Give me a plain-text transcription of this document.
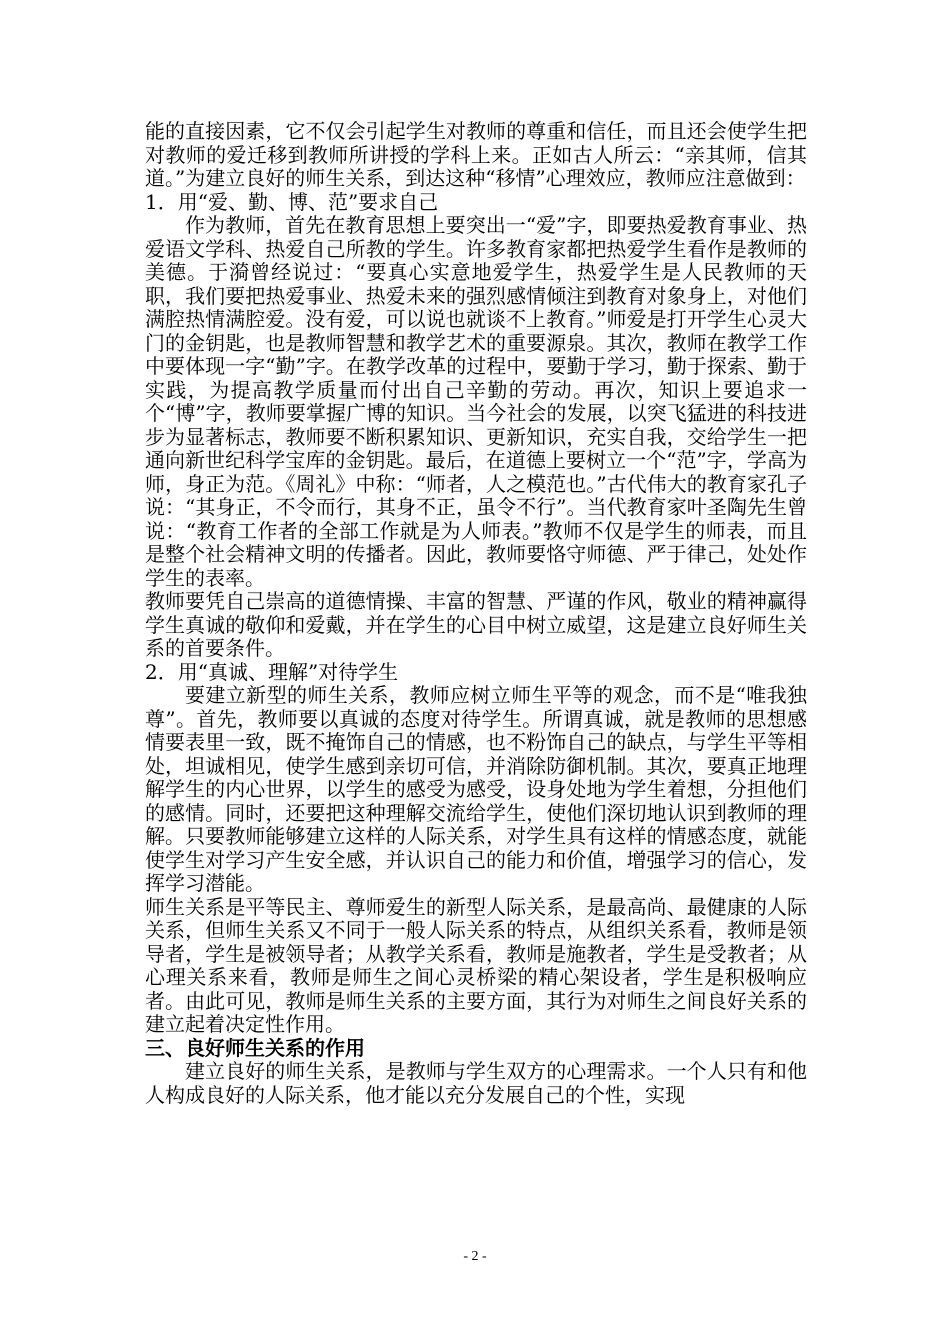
能的直接因素，它不仅会引起学生对教师的尊重和信任，而且还会使学生把对教师的爱迁移到教师所讲授的学科上来。正如古人所云：“亲其师，信其道。”为建立良好的师生关系，到达这种“移情”心理效应，教师应注意做到：

1．用“爱、勤、博、范”要求自己

作为教师，首先在教育思想上要突出一“爱”字，即要热爱教育事业、热爱语文学科、热爱自己所教的学生。许多教育家都把热爱学生看作是教师的美德。于漪曾经说过：“要真心实意地爱学生，热爱学生是人民教师的天职，我们要把热爱事业、热爱未来的强烈感情倾注到教育对象身上，对他们满腔热情满腔爱。没有爱，可以说也就谈不上教育。”师爱是打开学生心灵大门的金钥匙，也是教师智慧和教学艺术的重要源泉。其次，教师在教学工作中要体现一字“勤”字。在教学改革的过程中，要勤于学习，勤于探索、勤于实践，为提高教学质量而付出自己辛勤的劳动。再次，知识上要追求一个“博”字，教师要掌握广博的知识。当今社会的发展，以突飞猛进的科技进步为显著标志，教师要不断积累知识、更新知识，充实自我，交给学生一把通向新世纪科学宝库的金钥匙。最后，在道德上要树立一个“范”字，学高为师，身正为范。《周礼》中称：“师者，人之模范也。”古代伟大的教育家孔子说：“其身正，不令而行，其身不正，虽令不行”。当代教育家叶圣陶先生曾说：“教育工作者的全部工作就是为人师表。”教师不仅是学生的师表，而且是整个社会精神文明的传播者。因此，教师要恪守师德、严于律己，处处作学生的表率。

教师要凭自己崇高的道德情操、丰富的智慧、严谨的作风，敬业的精神赢得学生真诚的敬仰和爱戴，并在学生的心目中树立威望，这是建立良好师生关系的首要条件。

2．用“真诚、理解”对待学生

要建立新型的师生关系，教师应树立师生平等的观念，而不是“唯我独尊”。首先，教师要以真诚的态度对待学生。所谓真诚，就是教师的思想感情要表里一致，既不掩饰自己的情感，也不粉饰自己的缺点，与学生平等相处，坦诚相见，使学生感到亲切可信，并消除防御机制。其次，要真正地理解学生的内心世界，以学生的感受为感受，设身处地为学生着想，分担他们的感情。同时，还要把这种理解交流给学生，使他们深切地认识到教师的理解。只要教师能够建立这样的人际关系，对学生具有这样的情感态度，就能使学生对学习产生安全感，并认识自己的能力和价值，增强学习的信心，发挥学习潜能。

师生关系是平等民主、尊师爱生的新型人际关系，是最高尚、最健康的人际关系，但师生关系又不同于一般人际关系的特点，从组织关系看，教师是领导者，学生是被领导者；从教学关系看，教师是施教者，学生是受教者；从心理关系来看，教师是师生之间心灵桥梁的精心架设者，学生是积极响应者。由此可见，教师是师生关系的主要方面，其行为对师生之间良好关系的建立起着决定性作用。

三、良好师生关系的作用

建立良好的师生关系，是教师与学生双方的心理需求。一个人只有和他人构成良好的人际关系，他才能以充分发展自己的个性，实现

- 2 -
